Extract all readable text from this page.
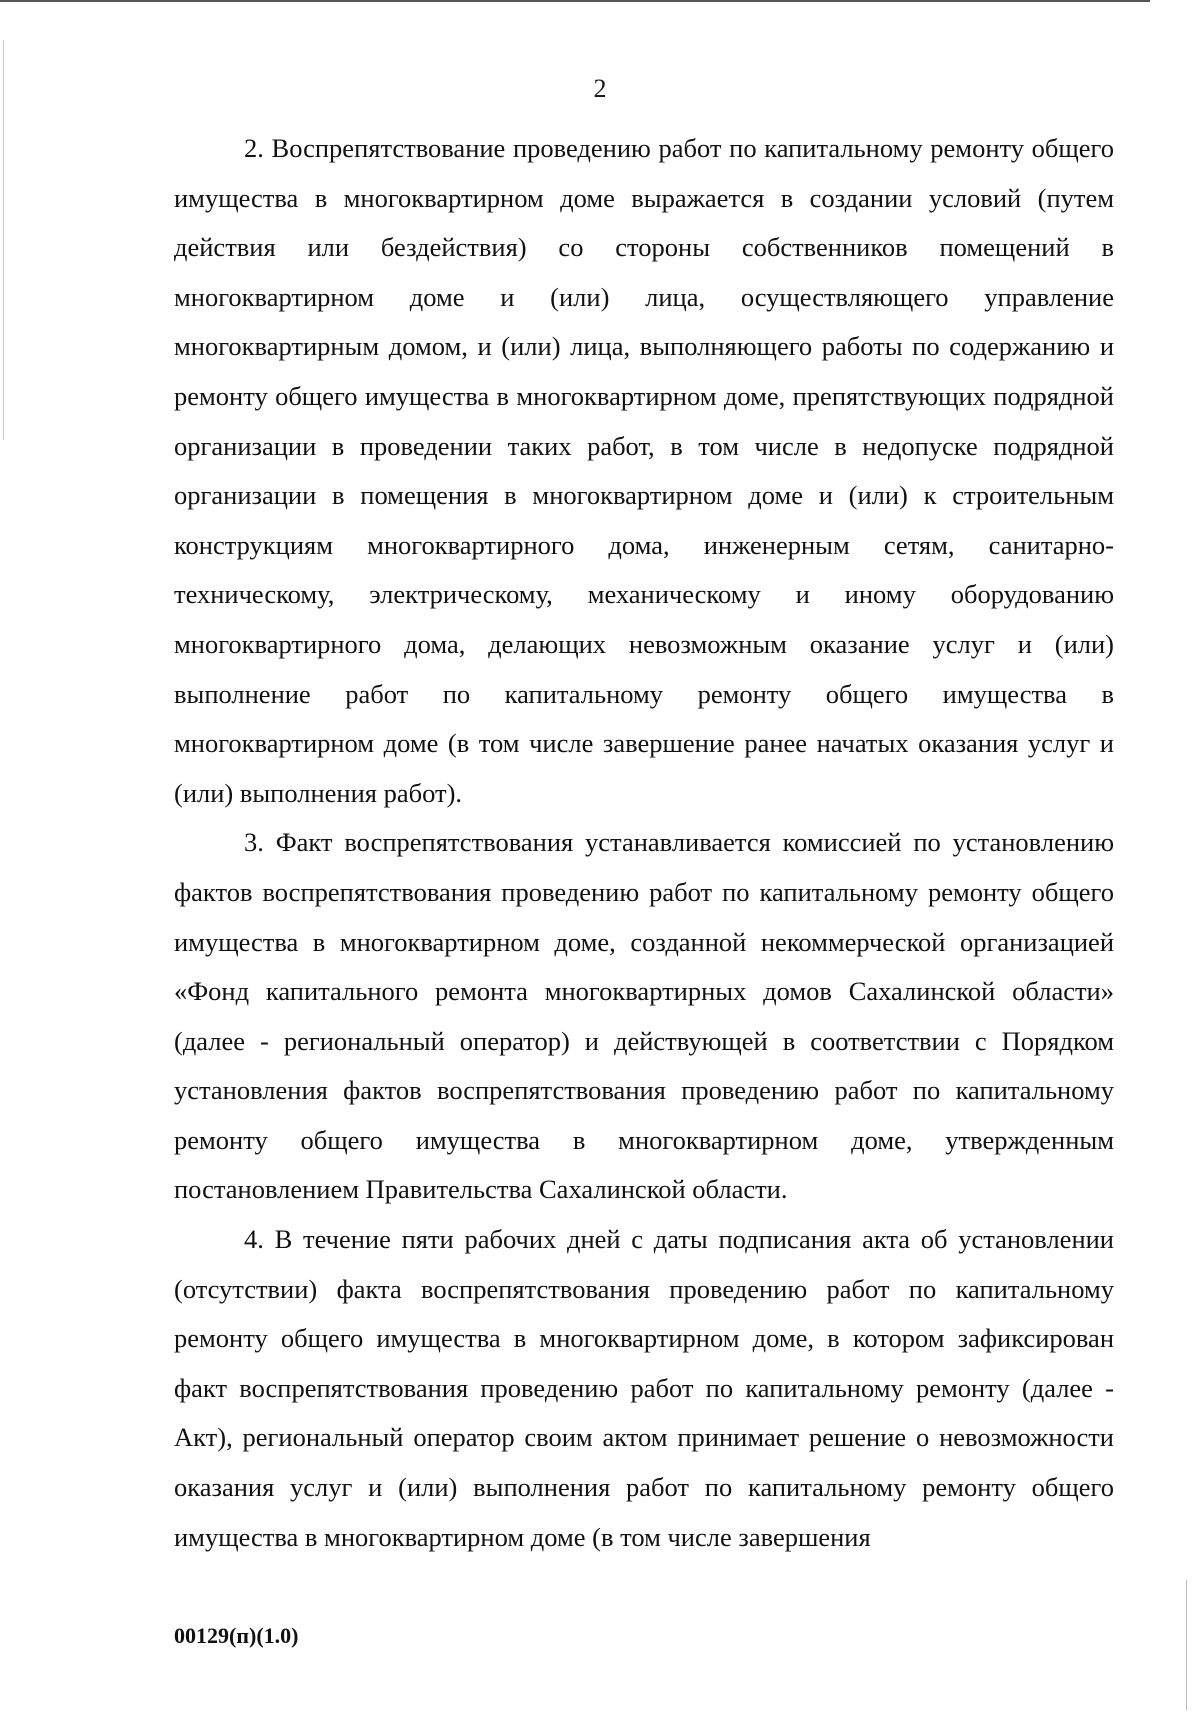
2

2. Воспрепятствование проведению работ по капитальному ремонту общего имущества в многоквартирном доме выражается в создании условий (путем действия или бездействия) со стороны собственников помещений в многоквартирном доме и (или) лица, осуществляющего управление многоквартирным домом, и (или) лица, выполняющего работы по содержанию и ремонту общего имущества в многоквартирном доме, препятствующих подрядной организации в проведении таких работ, в том числе в недопуске подрядной организации в помещения в многоквартирном доме и (или) к строительным конструкциям многоквартирного дома, инженерным сетям, санитарно-техническому, электрическому, механическому и иному оборудованию многоквартирного дома, делающих невозможным оказание услуг и (или) выполнение работ по капитальному ремонту общего имущества в многоквартирном доме (в том числе завершение ранее начатых оказания услуг и (или) выполнения работ).

3. Факт воспрепятствования устанавливается комиссией по установлению фактов воспрепятствования проведению работ по капитальному ремонту общего имущества в многоквартирном доме, созданной некоммерческой организацией «Фонд капитального ремонта многоквартирных домов Сахалинской области» (далее - региональный оператор) и действующей в соответствии с Порядком установления фактов воспрепятствования проведению работ по капитальному ремонту общего имущества в многоквартирном доме, утвержденным постановлением Правительства Сахалинской области.

4. В течение пяти рабочих дней с даты подписания акта об установлении (отсутствии) факта воспрепятствования проведению работ по капитальному ремонту общего имущества в многоквартирном доме, в котором зафиксирован факт воспрепятствования проведению работ по капитальному ремонту (далее - Акт), региональный оператор своим актом принимает решение о невозможности оказания услуг и (или) выполнения работ по капитальному ремонту общего имущества в многоквартирном доме (в том числе завершения

00129(п)(1.0)
